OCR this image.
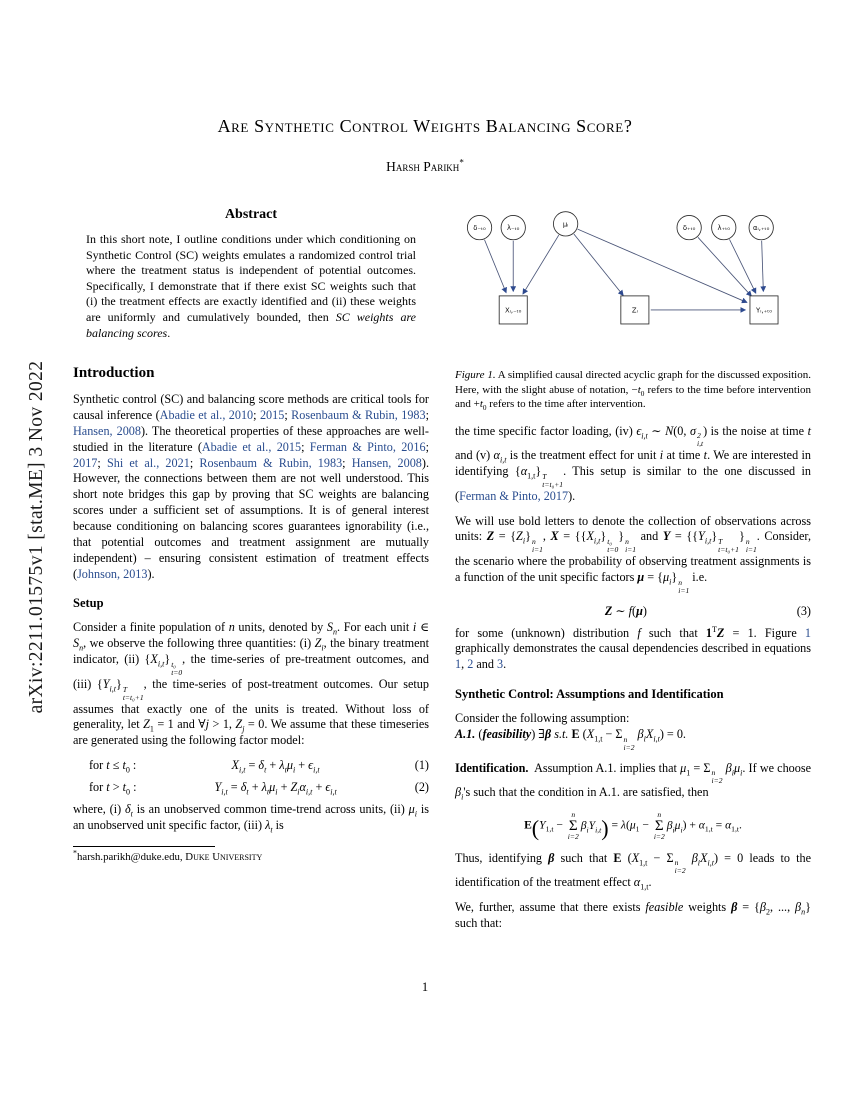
arXiv:2211.01575v1 [stat.ME] 3 Nov 2022
Are Synthetic Control Weights Balancing Score?
Harsh Parikh*
Abstract
In this short note, I outline conditions under which conditioning on Synthetic Control (SC) weights emulates a randomized control trial where the treatment status is independent of potential outcomes. Specifically, I demonstrate that if there exist SC weights such that (i) the treatment effects are exactly identified and (ii) these weights are uniformly and cumulatively bounded, then SC weights are balancing scores.
Introduction
Synthetic control (SC) and balancing score methods are critical tools for causal inference (Abadie et al., 2010; 2015; Rosenbaum & Rubin, 1983; Hansen, 2008). The theoretical properties of these approaches are well-studied in the literature (Abadie et al., 2015; Ferman & Pinto, 2016; 2017; Shi et al., 2021; Rosenbaum & Rubin, 1983; Hansen, 2008). However, the connections between them are not well understood. This short note bridges this gap by proving that SC weights are balancing scores under a sufficient set of assumptions. It is of general interest because conditioning on balancing scores guarantees ignorability (i.e., that potential outcomes and treatment assignment are mutually independent) – ensuring consistent estimation of treatment effects (Johnson, 2013).
Setup
Consider a finite population of n units, denoted by $S_n$. For each unit i ∈ $S_n$, we observe the following three quantities: (i) $Z_i$, the binary treatment indicator, (ii) $\{X_{i,t}\}$ t₀
t=0
, the time-series of pre-treatment outcomes, and (iii) $\{Y_{i,t}\}$ T
t=t₀+1
, the time-series of post-treatment outcomes. Our setup assumes that exactly one of the units is treated. Without loss of generality, let $Z_1 = 1$ and ∀j > 1, $Z_j = 0$. We assume that these timeseries are generated using the following factor model:
for $t \le t_0$ :	$X_{i,t} = \delta_t + \lambda_t\mu_i + \epsilon_{i,t}$	(1)
for $t > t_0$ :	$Y_{i,t} = \delta_t + \lambda_t\mu_i + Z_i\alpha_{i,t} + \epsilon_{i,t}$	(2)
where, (i) $\delta_t$ is an unobserved common time-trend across units, (ii) $\mu_i$ is an unobserved unit specific factor, (iii) $\lambda_t$ is
*harsh.parikh@duke.edu, Duke University
δ₋ₜ₀	λ₋ₜ₀	μᵢ	δ₊ₜ₀	λ₊ₜ₀	αᵢ,₊ₜ₀
Xᵢ,₋ₜ₀	Zᵢ	Yᵢ,₊ₜ₀
Figure 1. A simplified causal directed acyclic graph for the discussed exposition. Here, with the slight abuse of notation, $-t_0$ refers to the time before intervention and $+t_0$ refers to the time after intervention.
the time specific factor loading, (iv) $\epsilon_{i,t}$ ∼ N(0, σ 2
i,t
) is the noise at time t and (v) $\alpha_{i,t}$ is the treatment effect for unit i at time t. We are interested in identifying $\{\alpha_{1,t}\}$ T
t=t₀+1
. This setup is similar to the one discussed in (Ferman & Pinto, 2017).
We will use bold letters to denote the collection of observations across units: $Z = \{Z_i\}$ n
i=1
, $X = \{\{X_{i,t}\}$ t₀
t=0
} n
i=1
and $Y = \{\{Y_{i,t}\}$ T
t=t₀+1
} n
i=1
. Consider, the scenario where the probability of observing treatment assignments is a function of the unit specific factors $\mu = \{\mu_i\}$ n
i=1
i.e.
Z ∼ f(μ)	(3)
for some (unknown) distribution f such that $1^TZ = 1$. Figure 1 graphically demonstrates the causal dependencies described in equations 1, 2 and 3.
Synthetic Control: Assumptions and Identification
Consider the following assumption:
A.1. (feasibility) ∃β s.t. E ($X_{1,t} - \Sigma$ n
i=2
$\beta_iX_{i,t}) = 0$.
Identification.  Assumption A.1. implies that $\mu_1 = \Sigma$ n
i=2
$\beta_i\mu_i$. If we choose $\beta_i's$ such that the condition in A.1. are satisfied, then
$E(Y_{1,t}$ −
n
Σ
i=2
$\beta_iY_{i,t}) = \lambda(\mu_1$ −
n
Σ
i=2
$\beta_i\mu_i) + \alpha_{1,t} = \alpha_{1,t}$.
Thus, identifying β such that E ($X_{1,t} - \Sigma$ n
i=2
$\beta_iX_{i,t}) = 0$ leads to the identification of the treatment effect $\alpha_{1,t}$.
We, further, assume that there exists feasible weights $\beta = \{\beta_2$, ..., $\beta_n$} such that:
1
